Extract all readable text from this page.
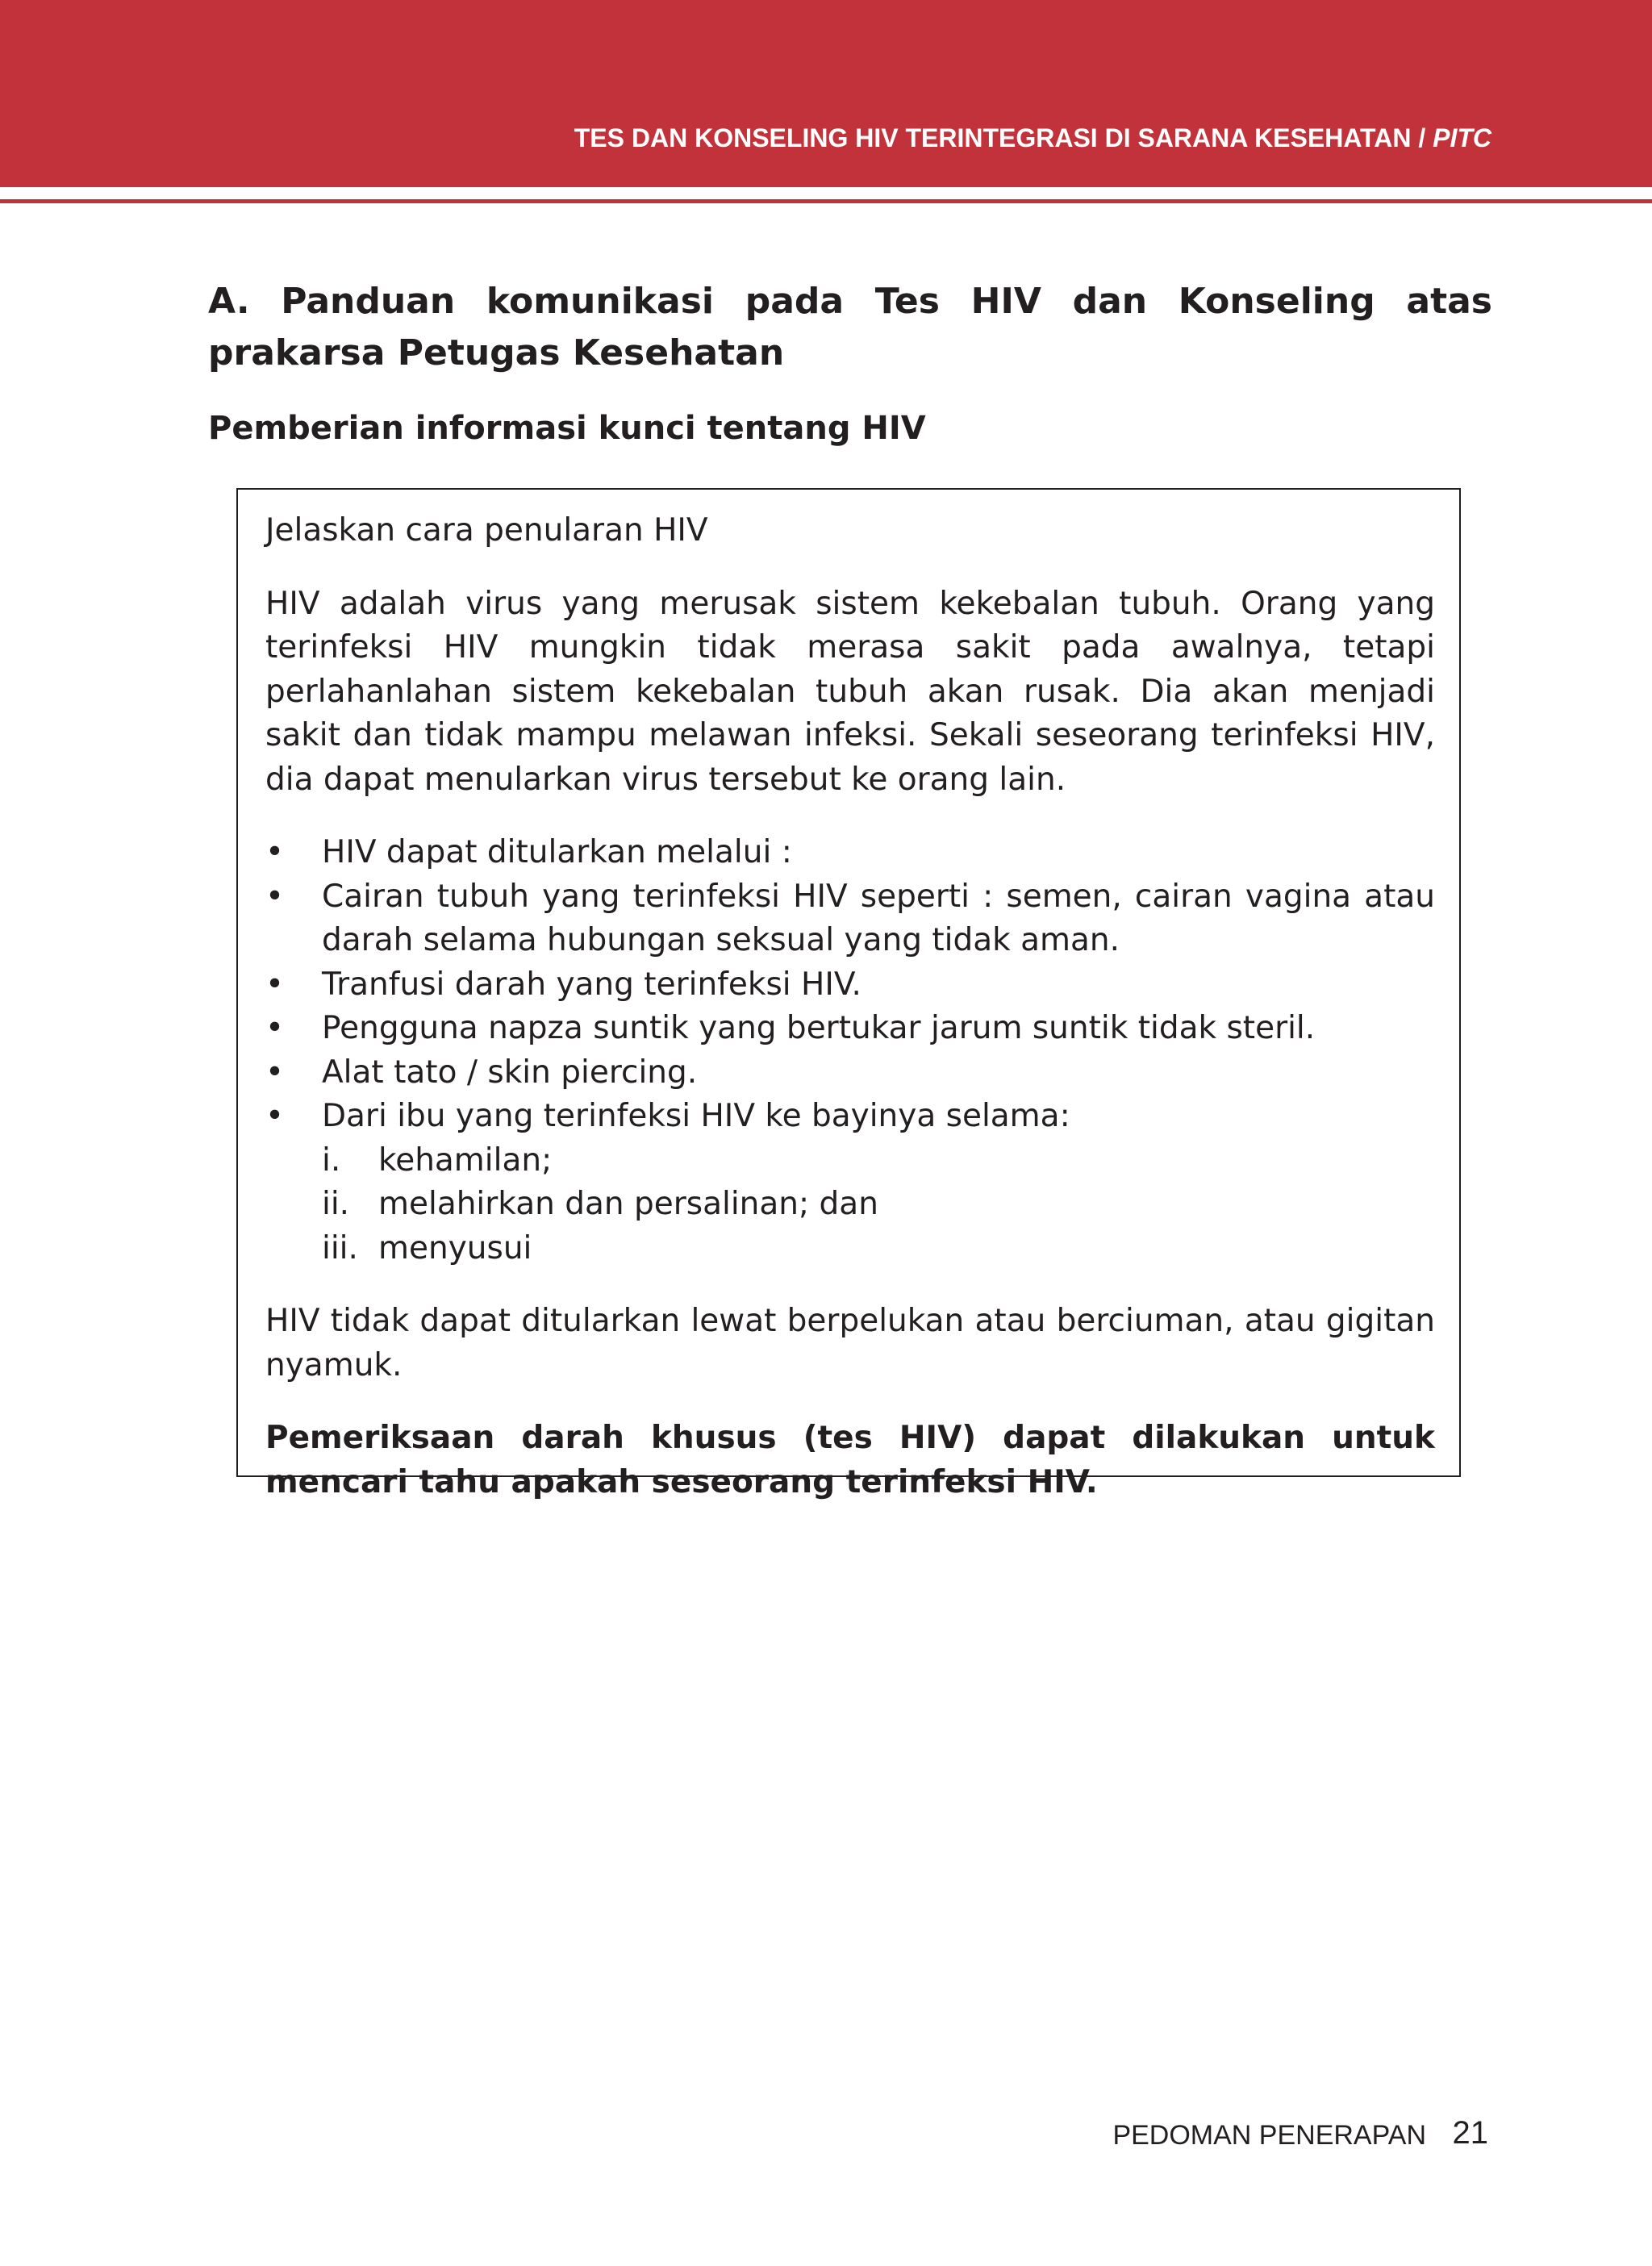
TES DAN KONSELING HIV TERINTEGRASI DI SARANA KESEHATAN / PITC
A. Panduan komunikasi pada Tes HIV dan Konseling atas prakarsa Petugas Kesehatan
Pemberian informasi kunci tentang HIV

Jelaskan cara penularan HIV

HIV adalah virus yang merusak sistem kekebalan tubuh. Orang yang terinfeksi HIV mungkin tidak merasa sakit pada awalnya, tetapi perlahanlahan sistem kekebalan tubuh akan rusak. Dia akan menjadi sakit dan tidak mampu melawan infeksi. Sekali seseorang terinfeksi HIV, dia dapat menularkan virus tersebut ke orang lain.

•	HIV dapat ditularkan melalui :
•	Cairan tubuh yang terinfeksi HIV seperti : semen, cairan vagina atau darah selama hubungan seksual yang tidak aman.
•	Tranfusi darah yang terinfeksi HIV.
•	Pengguna napza suntik yang bertukar jarum suntik tidak steril.
•	Alat tato / skin piercing.
•	Dari ibu yang terinfeksi HIV ke bayinya selama:
i. kehamilan;
ii. melahirkan dan persalinan; dan
iii. menyusui

HIV tidak dapat ditularkan lewat berpelukan atau berciuman, atau gigitan nyamuk.

Pemeriksaan darah khusus (tes HIV) dapat dilakukan untuk mencari tahu apakah seseorang terinfeksi HIV.

PEDOMAN PENERAPAN 21
